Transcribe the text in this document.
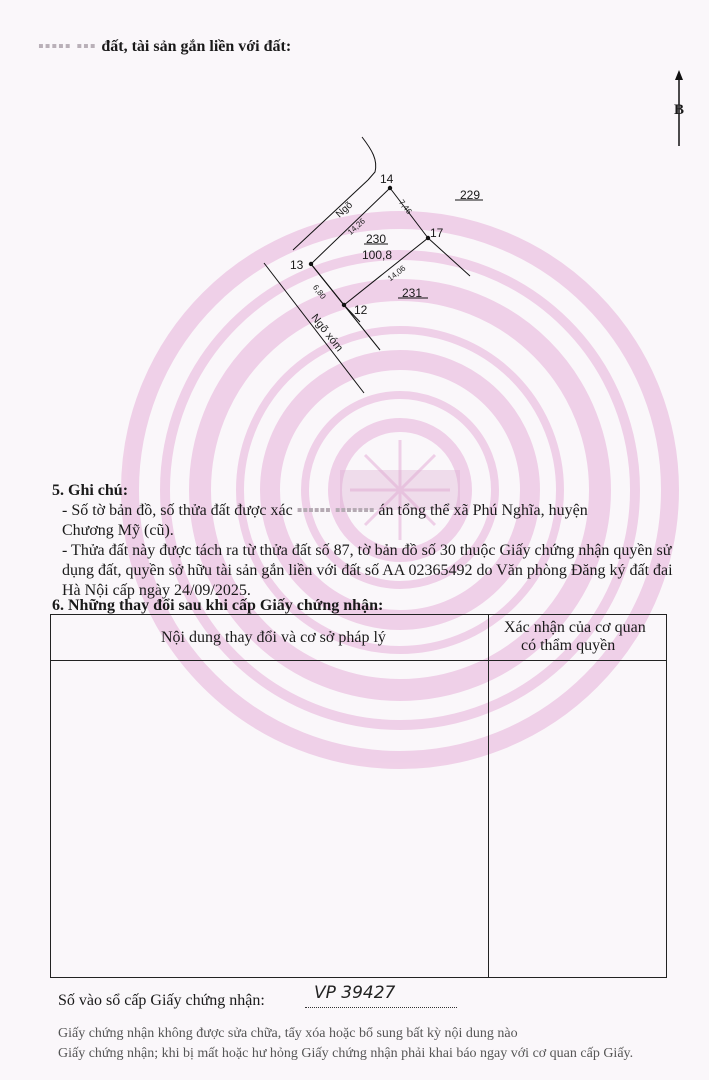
▪▪▪▪▪ ▪▪▪ đất, tài sản gắn liền với đất:
B
14
17
12
13
229
231
230
100,8
Ngõ
Ngõ xóm
7,46
14,26
14,06
6,80
5. Ghi chú:
- Số tờ bản đồ, số thửa đất được xác ▪▪▪▪▪▪ ▪▪▪▪▪▪▪ án tổng thể xã Phú Nghĩa, huyện
Chương Mỹ (cũ).
- Thửa đất này được tách ra từ thửa đất số 87, tờ bản đồ số 30 thuộc Giấy chứng nhận quyền sử
dụng đất, quyền sở hữu tài sản gắn liền với đất số AA 02365492 do Văn phòng Đăng ký đất đai
Hà Nội cấp ngày 24/09/2025.
6. Những thay đổi sau khi cấp Giấy chứng nhận:
Nội dung thay đổi và cơ sở pháp lý
Xác nhận của cơ quan
có thẩm quyền
Số vào sổ cấp Giấy chứng nhận:	VP 39427
Giấy chứng nhận không được sửa chữa, tẩy xóa hoặc bổ sung bất kỳ nội dung nào
Giấy chứng nhận; khi bị mất hoặc hư hỏng Giấy chứng nhận phải khai báo ngay với cơ quan cấp Giấy.
